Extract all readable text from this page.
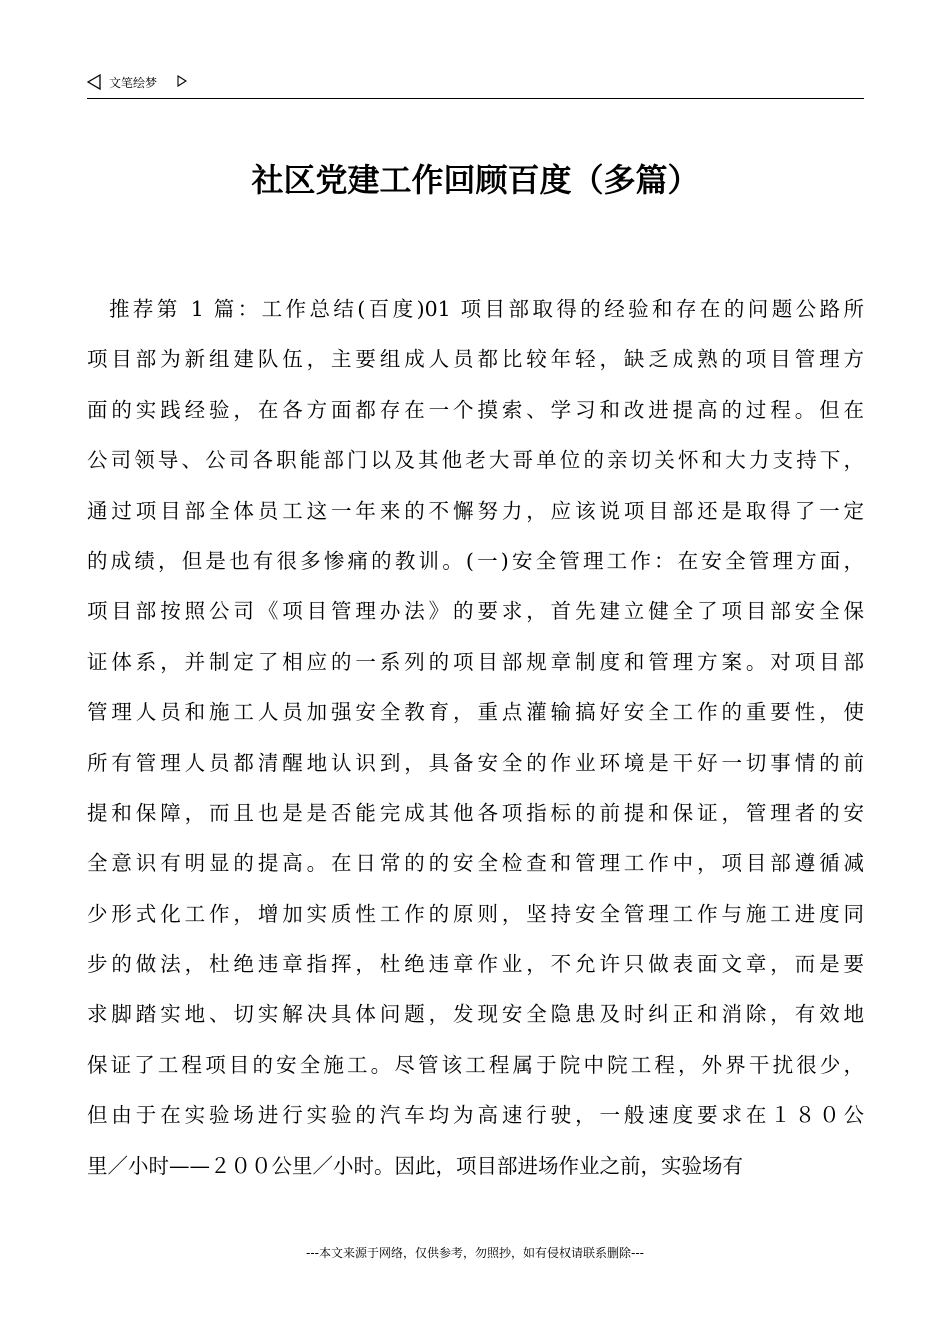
文笔绘梦
社区党建工作回顾百度（多篇）
推荐第 1 篇：工作总结(百度)01 项目部取得的经验和存在的问题公路所
项目部为新组建队伍，主要组成人员都比较年轻，缺乏成熟的项目管理方
面的实践经验，在各方面都存在一个摸索、学习和改进提高的过程。但在
公司领导、公司各职能部门以及其他老大哥单位的亲切关怀和大力支持下，
通过项目部全体员工这一年来的不懈努力，应该说项目部还是取得了一定
的成绩，但是也有很多惨痛的教训。(一)安全管理工作：在安全管理方面，
项目部按照公司《项目管理办法》的要求，首先建立健全了项目部安全保
证体系，并制定了相应的一系列的项目部规章制度和管理方案。对项目部
管理人员和施工人员加强安全教育，重点灌输搞好安全工作的重要性，使
所有管理人员都清醒地认识到，具备安全的作业环境是干好一切事情的前
提和保障，而且也是是否能完成其他各项指标的前提和保证，管理者的安
全意识有明显的提高。在日常的的安全检查和管理工作中，项目部遵循减
少形式化工作，增加实质性工作的原则，坚持安全管理工作与施工进度同
步的做法，杜绝违章指挥，杜绝违章作业，不允许只做表面文章，而是要
求脚踏实地、切实解决具体问题，发现安全隐患及时纠正和消除，有效地
保证了工程项目的安全施工。尽管该工程属于院中院工程，外界干扰很少，
但由于在实验场进行实验的汽车均为高速行驶，一般速度要求在１８０公
里／小时——２００公里／小时。因此，项目部进场作业之前，实验场有
---本文来源于网络，仅供参考，勿照抄，如有侵权请联系删除---
